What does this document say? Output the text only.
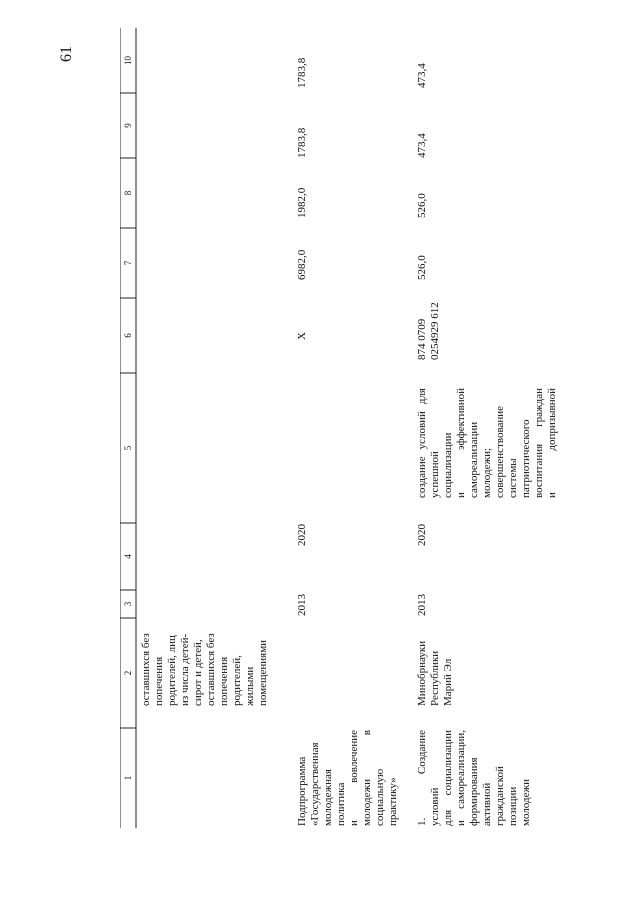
61
1
2
3
4
5
6
7
8
9
10
оставшихся без
попечения
родителей, лиц
из числа детей-
сирот и детей,
оставшихся без
попечения
родителей,
жилыми
помещениями
Подпрограмма
«Государственная
молодежная политика
и вовлечение
молодежи в
социальную
практику»
2013
2020
Х
6982,0
1982,0
1783,8
1783,8
1. Создание условий
для социализации
и самореализации,
формирования
активной
гражданской позиции
молодежи
Минобрнауки
Республики
Марий Эл
2013
2020
создание условий для
успешной
социализации
и эффективной
самореализации
молодежи;
совершенствование
системы
патриотического
воспитания граждан
и допризывной
874 0709
0254929 612
526,0
526,0
473,4
473,4
